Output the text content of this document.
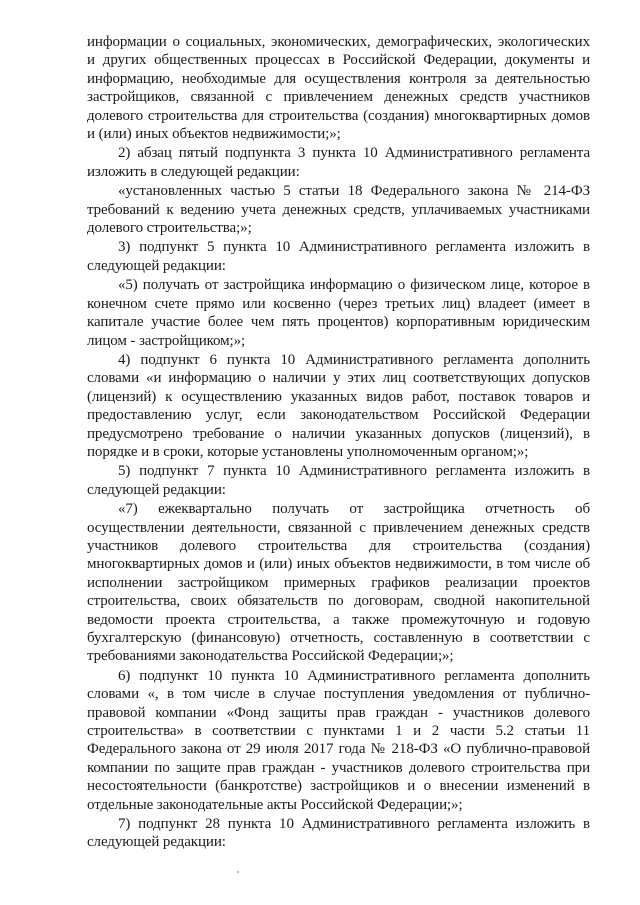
информации о социальных, экономических, демографических, экологических и других общественных процессах в Российской Федерации, документы и информацию, необходимые для осуществления контроля за деятельностью застройщиков, связанной с привлечением денежных средств участников долевого строительства для строительства (создания) многоквартирных домов и (или) иных объектов недвижимости;»;

2) абзац пятый подпункта 3 пункта 10 Административного регламента изложить в следующей редакции:

«установленных частью 5 статьи 18 Федерального закона № 214-ФЗ требований к ведению учета денежных средств, уплачиваемых участниками долевого строительства;»;

3) подпункт 5 пункта 10 Административного регламента изложить в следующей редакции:

«5) получать от застройщика информацию о физическом лице, которое в конечном счете прямо или косвенно (через третьих лиц) владеет (имеет в капитале участие более чем пять процентов) корпоративным юридическим лицом - застройщиком;»;

4) подпункт 6 пункта 10 Административного регламента дополнить словами «и информацию о наличии у этих лиц соответствующих допусков (лицензий) к осуществлению указанных видов работ, поставок товаров и предоставлению услуг, если законодательством Российской Федерации предусмотрено требование о наличии указанных допусков (лицензий), в порядке и в сроки, которые установлены уполномоченным органом;»;

5) подпункт 7 пункта 10 Административного регламента изложить в следующей редакции:

«7) ежеквартально получать от застройщика отчетность об осуществлении деятельности, связанной с привлечением денежных средств участников долевого строительства для строительства (создания) многоквартирных домов и (или) иных объектов недвижимости, в том числе об исполнении застройщиком примерных графиков реализации проектов строительства, своих обязательств по договорам, сводной накопительной ведомости проекта строительства, а также промежуточную и годовую бухгалтерскую (финансовую) отчетность, составленную в соответствии с требованиями законодательства Российской Федерации;»;

6) подпункт 10 пункта 10 Административного регламента дополнить словами «, в том числе в случае поступления уведомления от публично-правовой компании «Фонд защиты прав граждан - участников долевого строительства» в соответствии с пунктами 1 и 2 части 5.2 статьи 11 Федерального закона от 29 июля 2017 года № 218-ФЗ «О публично-правовой компании по защите прав граждан - участников долевого строительства при несостоятельности (банкротстве) застройщиков и о внесении изменений в отдельные законодательные акты Российской Федерации;»;

7) подпункт 28 пункта 10 Административного регламента изложить в следующей редакции:
